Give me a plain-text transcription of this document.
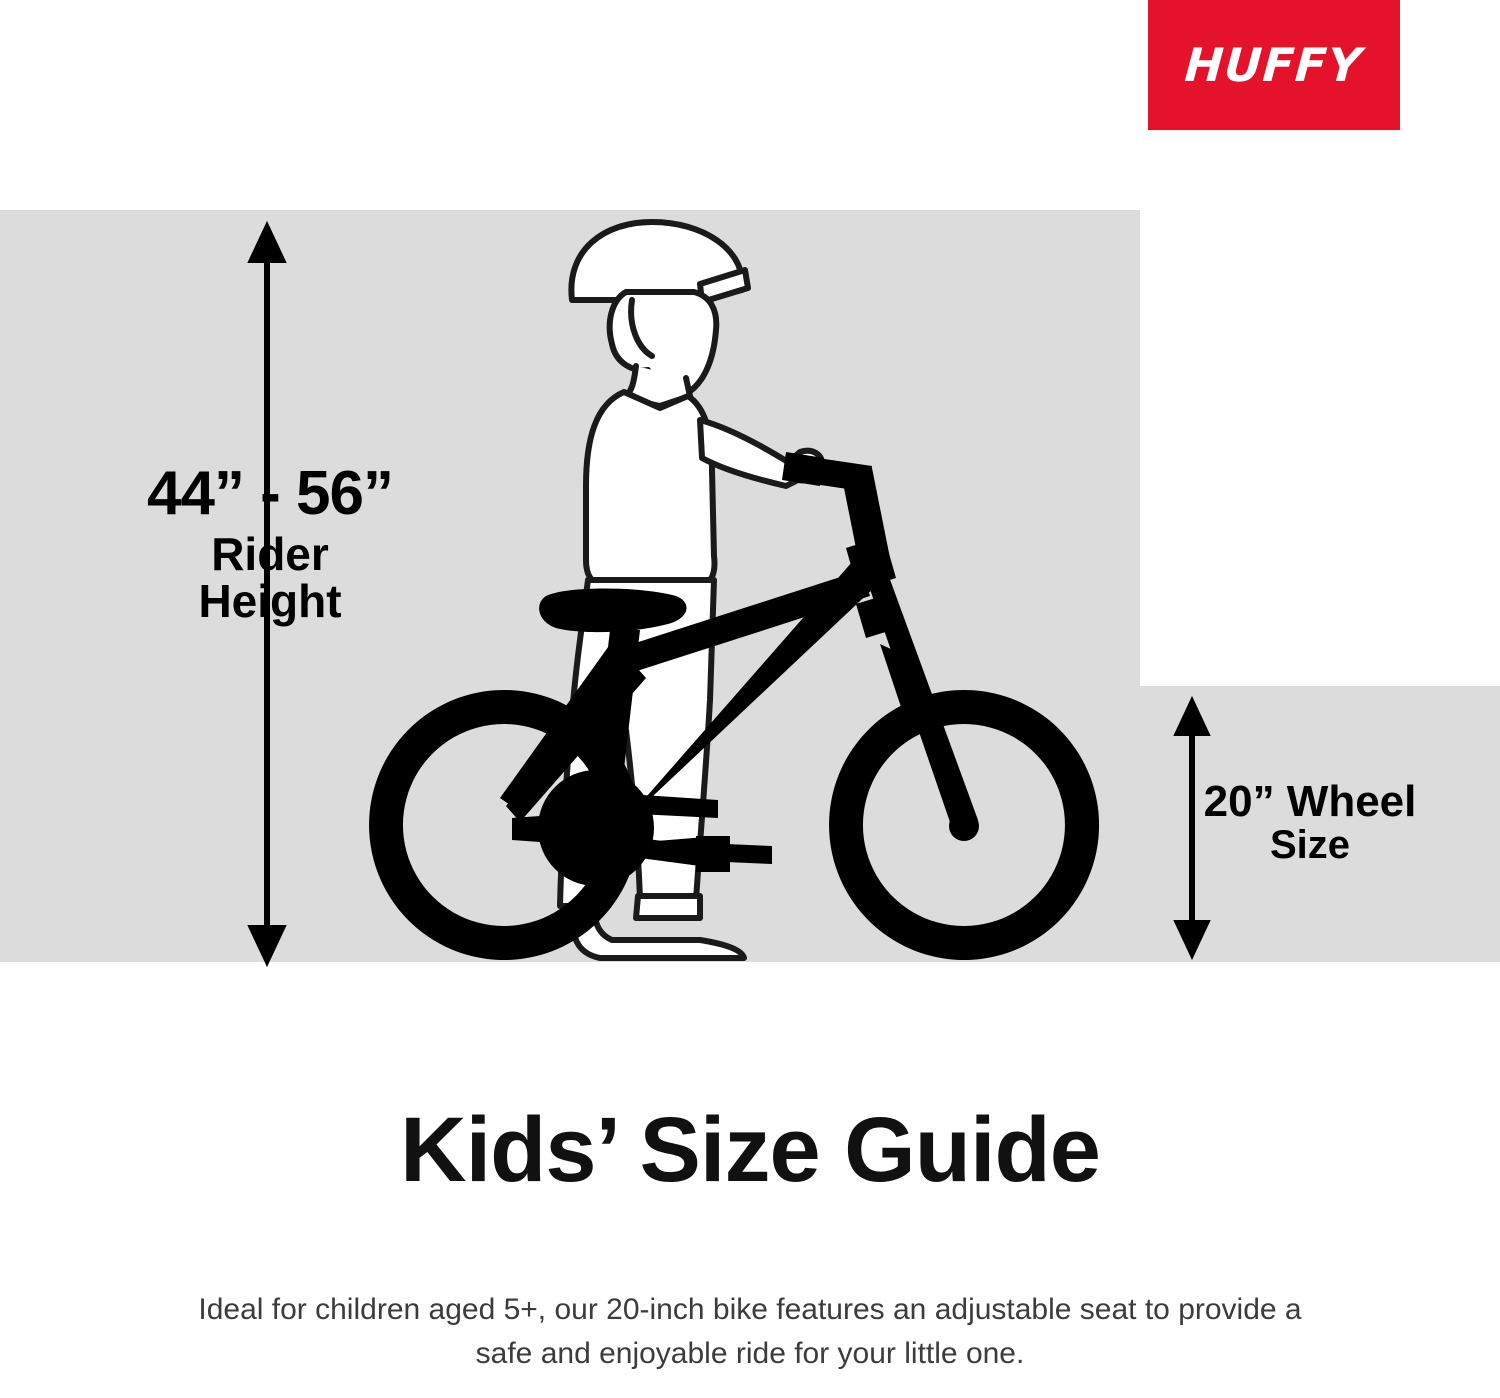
HUFFY
44” - 56”
Rider
Height
20” Wheel
Size
Kids’ Size Guide
Ideal for children aged 5+, our 20-inch bike features an adjustable seat to provide a safe and enjoyable ride for your little one.
